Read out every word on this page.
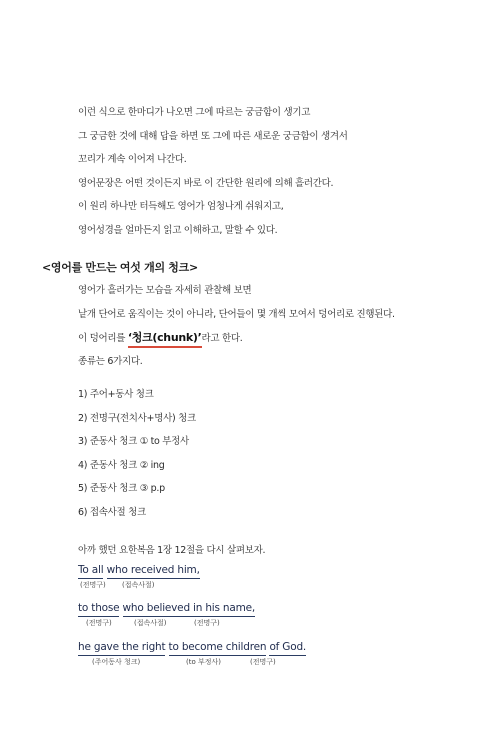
이런 식으로 한마디가 나오면 그에 따르는 궁금함이 생기고
그 궁금한 것에 대해 답을 하면 또 그에 따른 새로운 궁금함이 생겨서
꼬리가 계속 이어져 나간다.
영어문장은 어떤 것이든지 바로 이 간단한 원리에 의해 흘러간다.
이 원리 하나만 터득해도 영어가 엄청나게 쉬워지고,
영어성경을 얼마든지 읽고 이해하고, 말할 수 있다.
<영어를 만드는 여섯 개의 청크>
영어가 흘러가는 모습을 자세히 관찰해 보면
낱개 단어로 움직이는 것이 아니라, 단어들이 몇 개씩 모여서 덩어리로 진행된다.
이 덩어리를 ‘청크(chunk)’라고 한다.
종류는 6가지다.
1) 주어+동사 청크
2) 전명구(전치사+명사) 청크
3) 준동사 청크 ① to 부정사
4) 준동사 청크 ② ing
5) 준동사 청크 ③ p.p
6) 접속사절 청크
아까 했던 요한복음 1장 12절을 다시 살펴보자.
To all who received him,
(전명구) (접속사절)
to those who believed in his name,
(전명구)	(접속사절)	(전명구)
he gave the right to become children of God.
(주어동사 청크)	(to 부정사)	(전명구)
